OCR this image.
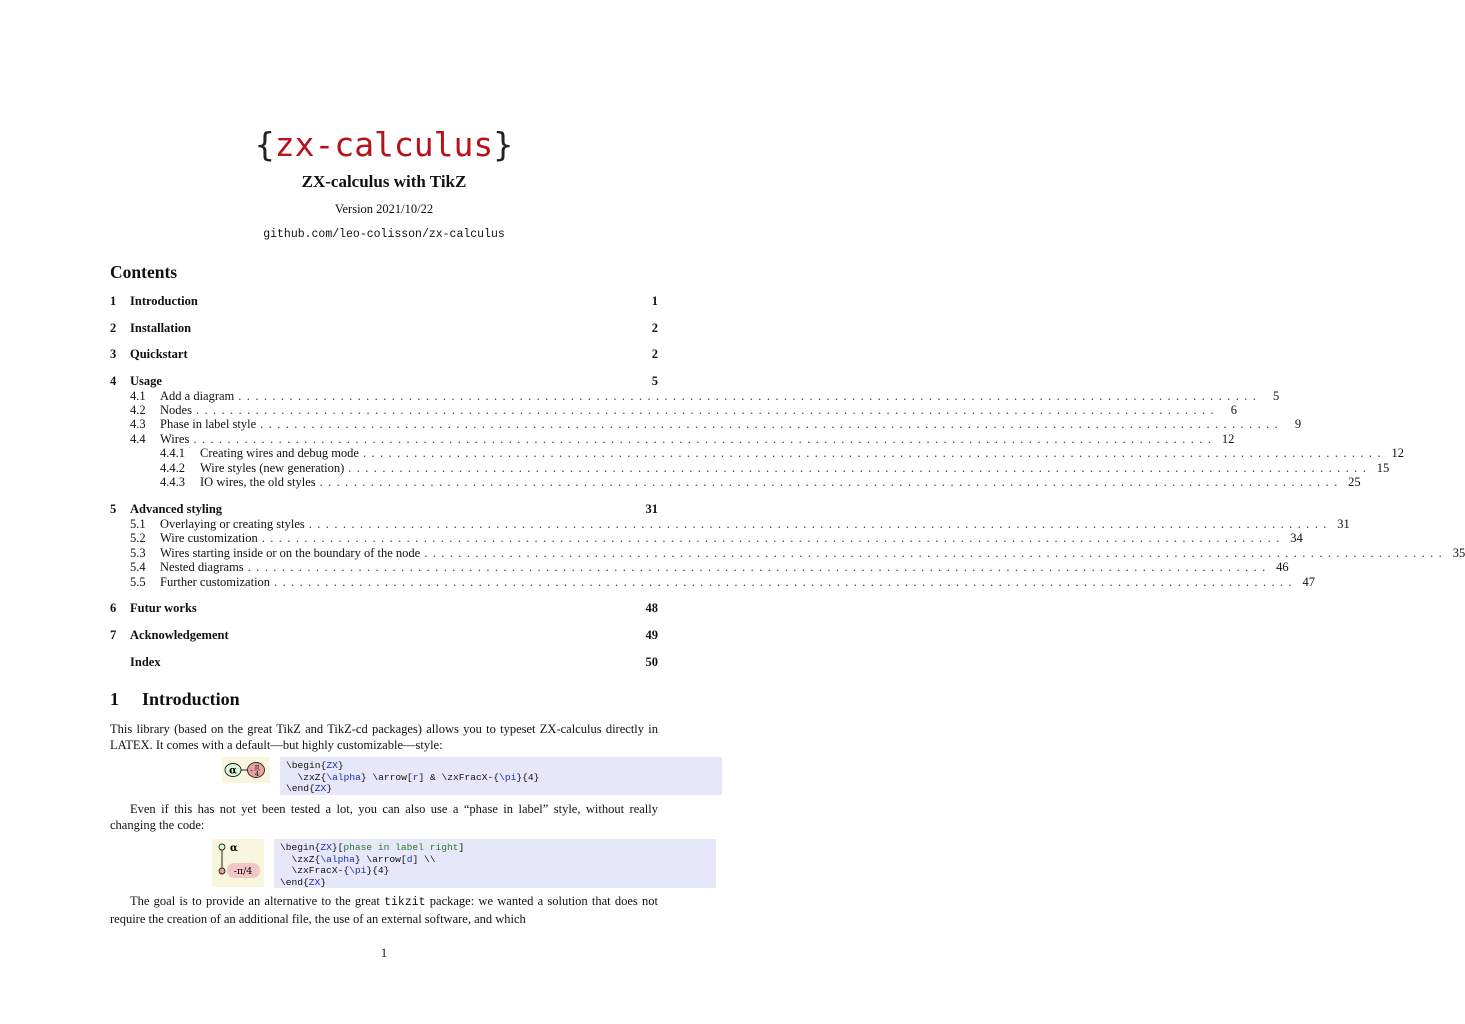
{zx-calculus}
ZX-calculus with TikZ
Version 2021/10/22
github.com/leo-colisson/zx-calculus
Contents
1	Introduction	1
2	Installation	2
3	Quickstart	2
4	Usage	5
4.1	Add a diagram ........................................................................................................................ 5
4.2	Nodes ........................................................................................................................ 6
4.3	Phase in label style ........................................................................................................................ 9
4.4	Wires ........................................................................................................................ 12
4.4.1	Creating wires and debug mode ........................................................................................................................ 12
4.4.2	Wire styles (new generation) ........................................................................................................................ 15
4.4.3	IO wires, the old styles ........................................................................................................................ 25
5	Advanced styling	31
5.1	Overlaying or creating styles ........................................................................................................................ 31
5.2	Wire customization ........................................................................................................................ 34
5.3	Wires starting inside or on the boundary of the node ........................................................................................................................ 35
5.4	Nested diagrams ........................................................................................................................ 46
5.5	Further customization ........................................................................................................................ 47
6	Futur works	48
7	Acknowledgement	49
Index	50
1 Introduction
This library (based on the great TikZ and TikZ-cd packages) allows you to typeset ZX-calculus directly in LATEX. It comes with a default—but highly customizable—style:
α - π
4
\begin{ZX}
\zxZ{\alpha} \arrow[r] & \zxFracX-{\pi}{4}
\end{ZX}
Even if this has not yet been tested a lot, you can also use a “phase in label” style, without really changing the code:
α
-π/4
\begin{ZX}[phase in label right]
\zxZ{\alpha} \arrow[d] \\
\zxFracX-{\pi}{4}
\end{ZX}
The goal is to provide an alternative to the great tikzit package: we wanted a solution that does not require the creation of an additional file, the use of an external software, and which
1
